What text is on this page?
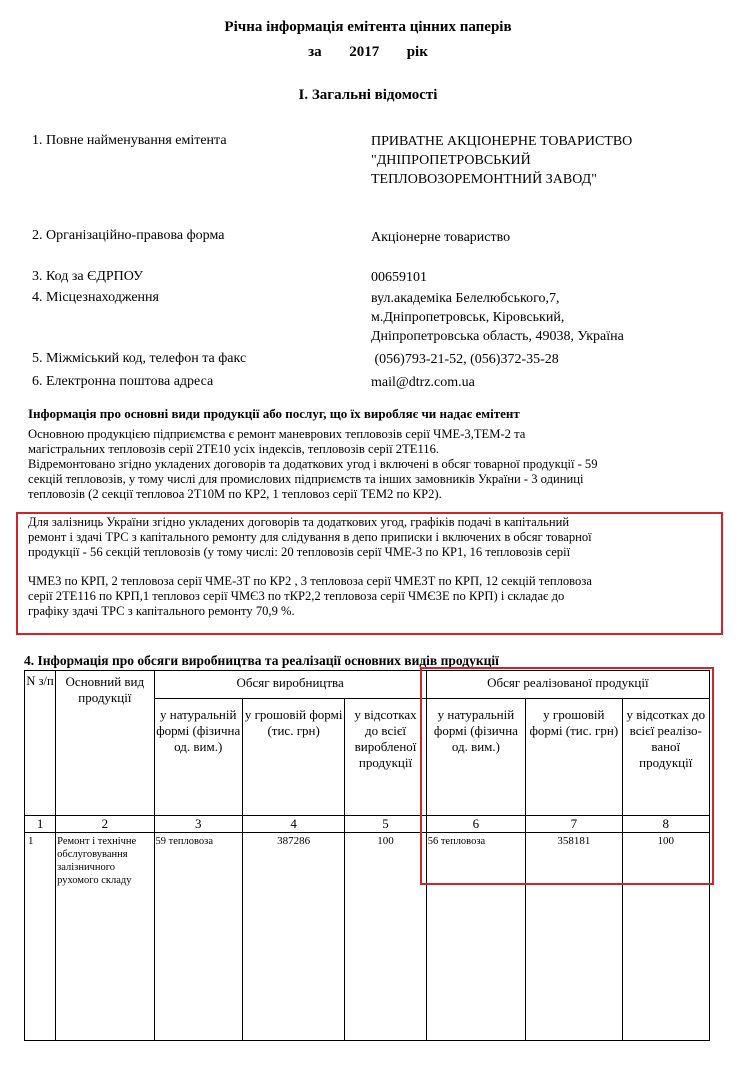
Річна інформація емітента цінних паперів
за 2017 рік
I. Загальні відомості
1. Повне найменування емітента	ПРИВАТНЕ АКЦІОНЕРНЕ ТОВАРИСТВО
"ДНІПРОПЕТРОВСЬКИЙ
ТЕПЛОВОЗОРЕМОНТНИЙ ЗАВОД"
2. Організаційно-правова форма	Акціонерне товариство
3. Код за ЄДРПОУ	00659101
4. Місцезнаходження	вул.академіка Белелюбського,7,
м.Дніпропетровськ, Кіровський,
Дніпропетровська область, 49038, Україна
5. Міжміський код, телефон та факс	(056)793-21-52, (056)372-35-28
6. Електронна поштова адреса	mail@dtrz.com.ua
Інформація про основні види продукції або послуг, що їх виробляє чи надає емітент
Основною продукцією підприємства є ремонт маневрових тепловозів серії ЧМЕ-3,ТЕМ-2 та
магістральних тепловозів серії 2ТЕ10 усіх індексів, тепловозів серії 2ТЕ116.
Відремонтовано згідно укладених договорів та додаткових угод і включені в обсяг товарної продукції - 59
секцій тепловозів, у тому числі для промислових підприємств та інших замовників України - 3 одиниці
тепловозів (2 секції тепловоа 2Т10М по КР2, 1 тепловоз серії ТЕМ2 по КР2).
Для залізниць України згідно укладених договорів та додаткових угод, графіків подачі в капітальний
ремонт і здачі ТРС з капітального ремонту для слідування в депо приписки і включених в обсяг товарної
продукції - 56 секцій тепловозів (у тому числі: 20 тепловозів серії ЧМЕ-3 по КР1, 16 тепловозів серії
ЧМЕ3 по КРП, 2 тепловоза серії ЧМЕ-3Т по КР2 , 3 тепловоза серії ЧМЕ3Т по КРП, 12 секцій тепловоза
серії 2ТЕ116 по КРП,1 тепловоз серії ЧМЄ3 по тКР2,2 тепловоза серії ЧМЄ3Е по КРП) і складає до
графіку здачі ТРС з капітального ремонту 70,9 %.
4. Інформація про обсяги виробництва та реалізації основних видів продукції
N з/п	Основний вид продукції	Обсяг виробництва			Обсяг реалізованої продукції		
		у натуральній формі (фізична од. вим.)	у грошовій формі (тис. грн)	у відсотках до всієї виробленої продукції	у натуральній формі (фізична од. вим.)	у грошовій формі (тис. грн)	у відсотках до всієї реалізо-ваної продукції
1	2	3	4	5	6	7	8
1	Ремонт і технічне обслуговування залізничного рухомого складу	59 тепловоза	387286	100	56 тепловоза	358181	100
